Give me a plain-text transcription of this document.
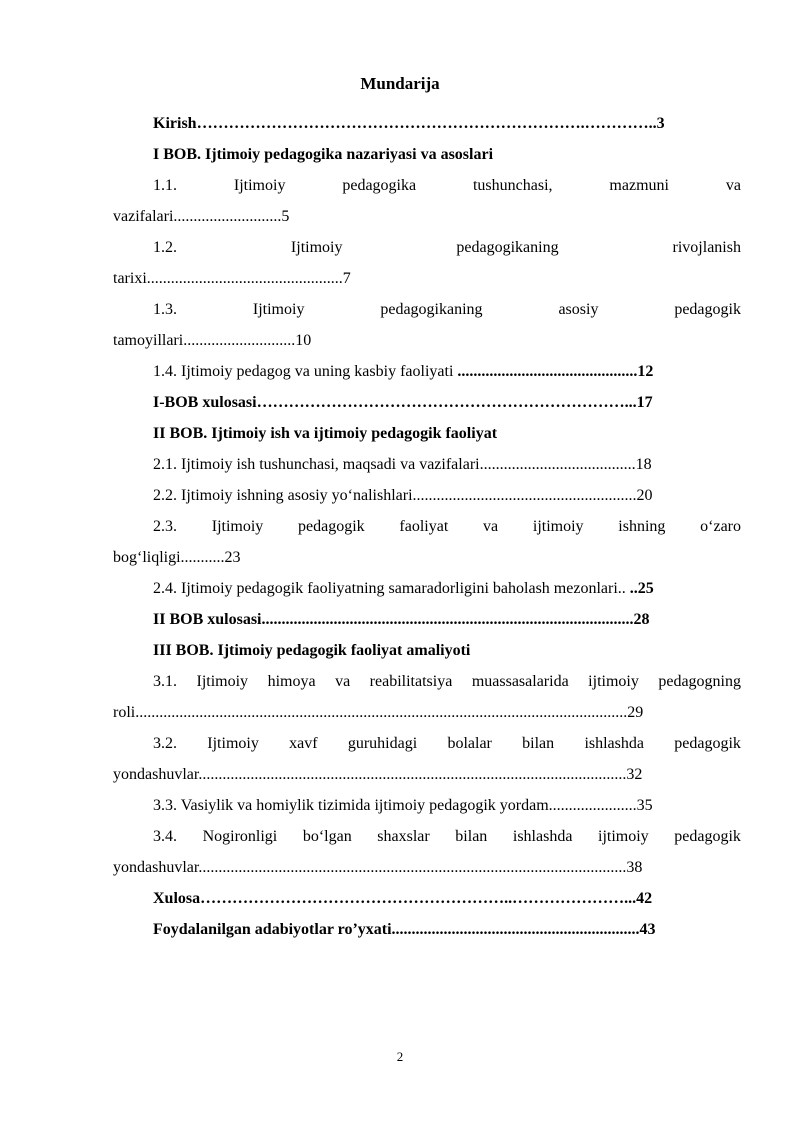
Mundarija
Kirish……………………………………………………………….…………..3
I BOB. Ijtimoiy pedagogika nazariyasi va asoslari
1.1.	Ijtimoiy	pedagogika	tushunchasi,	mazmuni	va
vazifalari...........................5
1.2.	Ijtimoiy	pedagogikaning	rivojlanish
tarixi.................................................7
1.3.	Ijtimoiy	pedagogikaning	asosiy	pedagogik
tamoyillari............................10
1.4. Ijtimoiy pedagog va uning kasbiy faoliyati .............................................12
I-BOB xulosasi……………………………………………………………...17
II BOB. Ijtimoiy ish va ijtimoiy pedagogik faoliyat
2.1. Ijtimoiy ish tushunchasi, maqsadi va vazifalari.......................................18
2.2. Ijtimoiy ishning asosiy yo‘nalishlari........................................................20
2.3. Ijtimoiy pedagogik faoliyat va ijtimoiy ishning o‘zaro
bog‘liqligi...........23
2.4. Ijtimoiy pedagogik faoliyatning samaradorligini baholash mezonlari.. ..25
II BOB xulosasi.............................................................................................28
III BOB. Ijtimoiy pedagogik faoliyat amaliyoti
3.1. Ijtimoiy himoya va reabilitatsiya muassasalarida ijtimoiy pedagogning
roli...........................................................................................................................29
3.2. Ijtimoiy xavf guruhidagi bolalar bilan ishlashda pedagogik
yondashuvlar...........................................................................................................32
3.3. Vasiylik va homiylik tizimida ijtimoiy pedagogik yordam......................35
3.4. Nogironligi bo‘lgan shaxslar bilan ishlashda ijtimoiy pedagogik
yondashuvlar...........................................................................................................38
Xulosa…………………………………………………..…………………...42
Foydalanilgan adabiyotlar ro’yxati..............................................................43
2
